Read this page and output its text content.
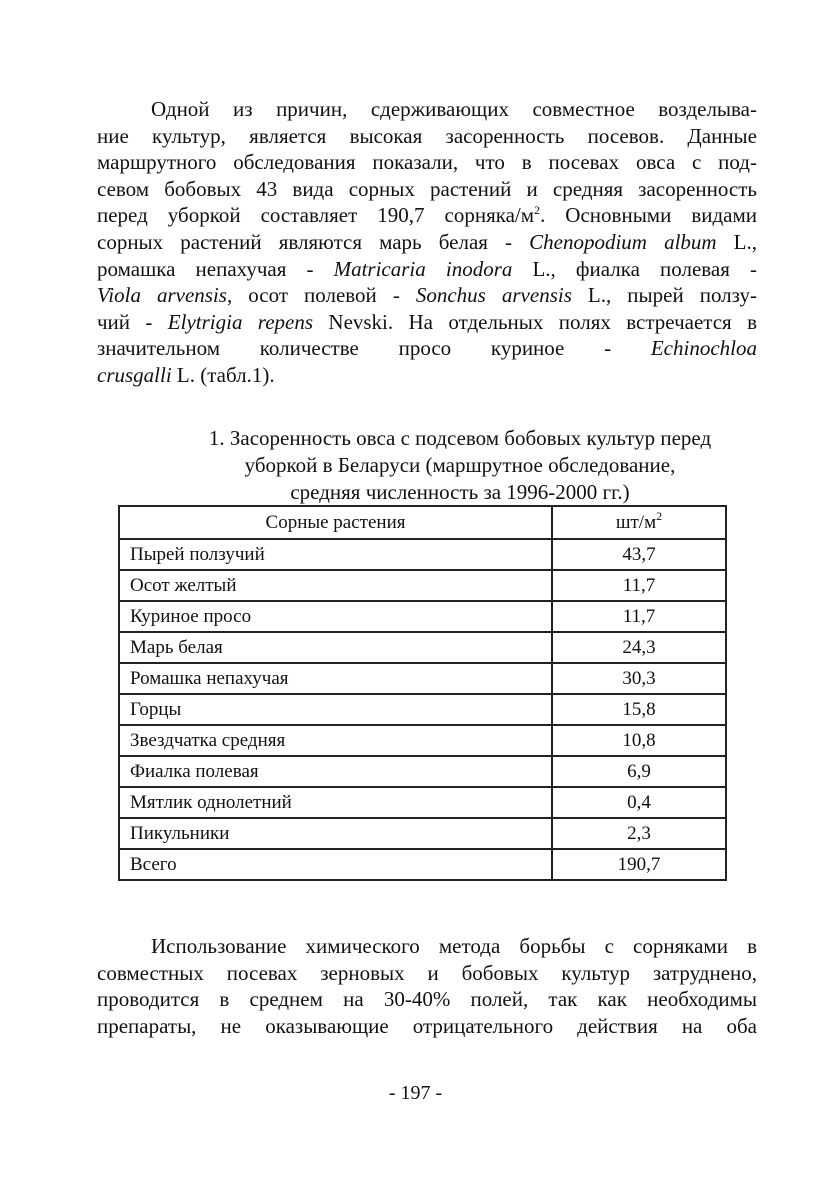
Одной из причин, сдерживающих совместное возделыва-
ние культур, является высокая засоренность посевов. Данные
маршрутного обследования показали, что в посевах овса с под-
севом бобовых 43 вида сорных растений и средняя засоренность
перед уборкой составляет 190,7 сорняка/$м^2$. Основными видами
сорных растений являются марь белая - Chenopodium album L.,
ромашка непахучая - Matricaria inodora L., фиалка полевая -
Viola arvensis, осот полевой - Sonchus arvensis L., пырей ползу-
чий - Elytrigia repens Nevski. На отдельных полях встречается в
значительном количестве просо куриное - Echinochloa
crusgalli L. (табл.1).
1. Засоренность овса с подсевом бобовых культур перед
уборкой в Беларуси (маршрутное обследование,
средняя численность за 1996-2000 гг.)
Сорные растения	$шт/м^2$
Пырей ползучий	43,7
Осот желтый	11,7
Куриное просо	11,7
Марь белая	24,3
Ромашка непахучая	30,3
Горцы	15,8
Звездчатка средняя	10,8
Фиалка полевая	6,9
Мятлик однолетний	0,4
Пикульники	2,3
Всего	190,7
Использование химического метода борьбы с сорняками в
совместных посевах зерновых и бобовых культур затруднено,
проводится в среднем на 30-40% полей, так как необходимы
препараты, не оказывающие отрицательного действия на оба
- 197 -
